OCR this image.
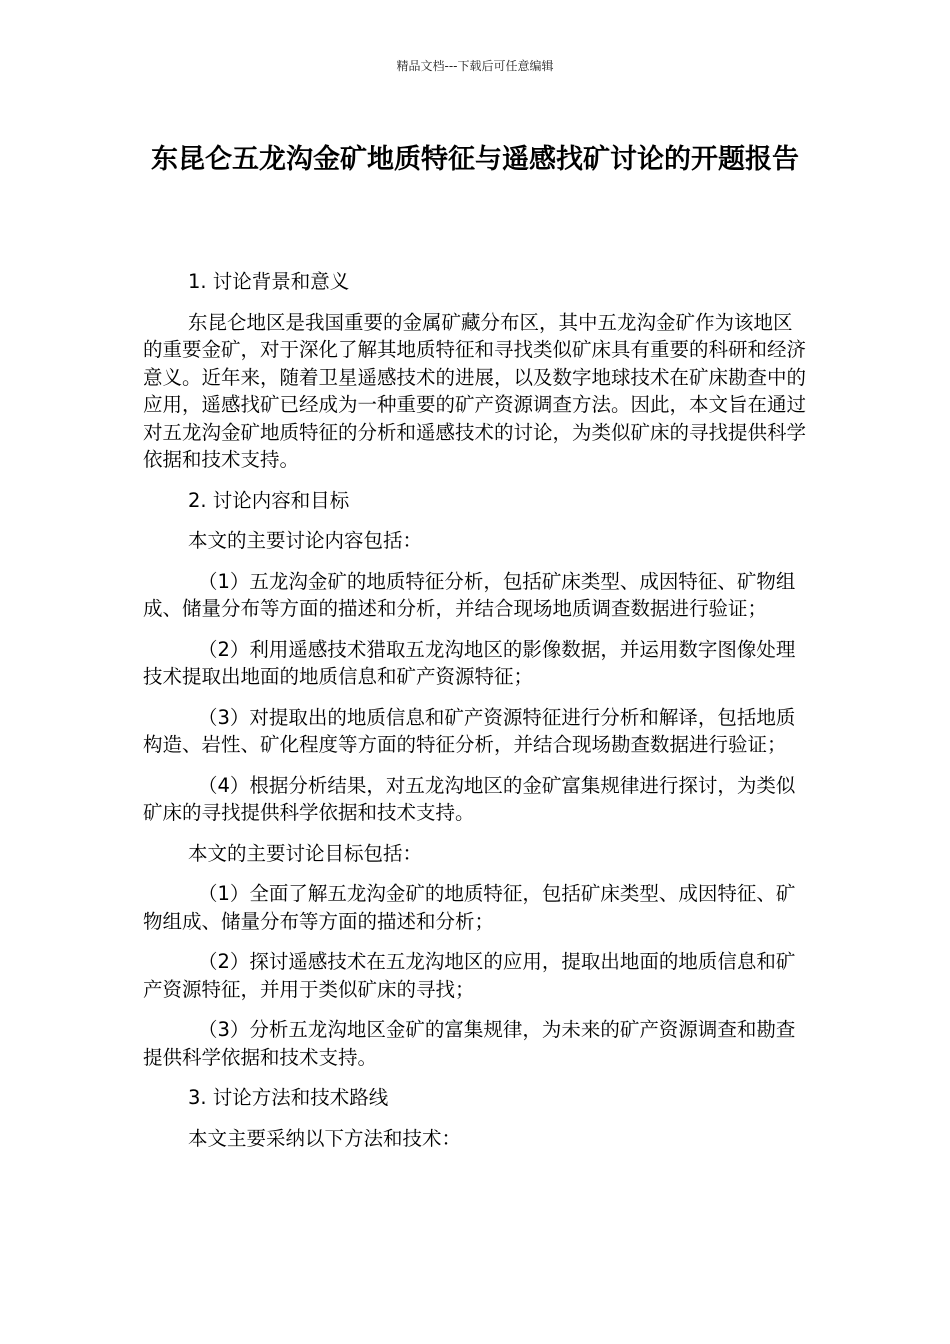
精品文档---下载后可任意编辑
东昆仑五龙沟金矿地质特征与遥感找矿讨论的开题报告

1. 讨论背景和意义

东昆仑地区是我国重要的金属矿藏分布区，其中五龙沟金矿作为该地区的重要金矿，对于深化了解其地质特征和寻找类似矿床具有重要的科研和经济意义。近年来，随着卫星遥感技术的进展，以及数字地球技术在矿床勘查中的应用，遥感找矿已经成为一种重要的矿产资源调查方法。因此，本文旨在通过对五龙沟金矿地质特征的分析和遥感技术的讨论，为类似矿床的寻找提供科学依据和技术支持。

2. 讨论内容和目标

本文的主要讨论内容包括：

（1）五龙沟金矿的地质特征分析，包括矿床类型、成因特征、矿物组成、储量分布等方面的描述和分析，并结合现场地质调查数据进行验证；

（2）利用遥感技术猎取五龙沟地区的影像数据，并运用数字图像处理技术提取出地面的地质信息和矿产资源特征；

（3）对提取出的地质信息和矿产资源特征进行分析和解译，包括地质构造、岩性、矿化程度等方面的特征分析，并结合现场勘查数据进行验证；

（4）根据分析结果，对五龙沟地区的金矿富集规律进行探讨，为类似矿床的寻找提供科学依据和技术支持。

本文的主要讨论目标包括：

（1）全面了解五龙沟金矿的地质特征，包括矿床类型、成因特征、矿物组成、储量分布等方面的描述和分析；

（2）探讨遥感技术在五龙沟地区的应用，提取出地面的地质信息和矿产资源特征，并用于类似矿床的寻找；

（3）分析五龙沟地区金矿的富集规律，为未来的矿产资源调查和勘查提供科学依据和技术支持。

3. 讨论方法和技术路线

本文主要采纳以下方法和技术：
